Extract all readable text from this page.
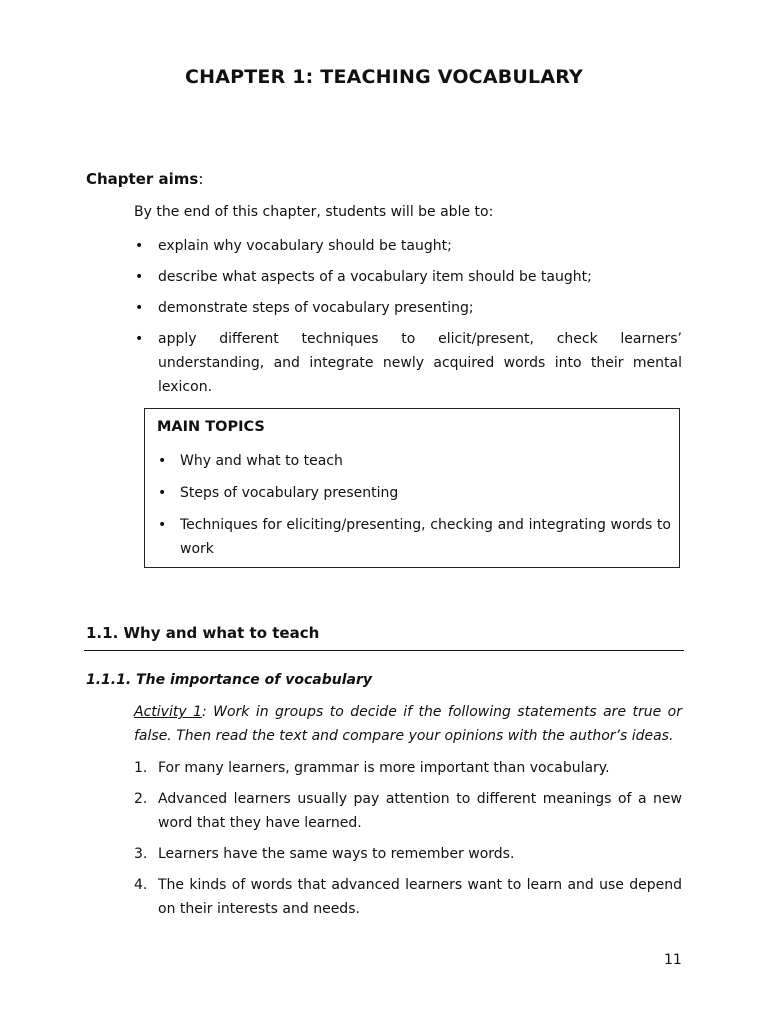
CHAPTER 1: TEACHING VOCABULARY
Chapter aims:
By the end of this chapter, students will be able to:
• explain why vocabulary should be taught;
• describe what aspects of a vocabulary item should be taught;
• demonstrate steps of vocabulary presenting;
• apply different techniques to elicit/present, check learners’ understanding, and integrate newly acquired words into their mental lexicon.
MAIN TOPICS
• Why and what to teach
• Steps of vocabulary presenting
• Techniques for eliciting/presenting, checking and integrating words to work
1.1. Why and what to teach
1.1.1. The importance of vocabulary
Activity 1: Work in groups to decide if the following statements are true or false. Then read the text and compare your opinions with the author’s ideas.
1. For many learners, grammar is more important than vocabulary.
2. Advanced learners usually pay attention to different meanings of a new word that they have learned.
3. Learners have the same ways to remember words.
4. The kinds of words that advanced learners want to learn and use depend on their interests and needs.
11
